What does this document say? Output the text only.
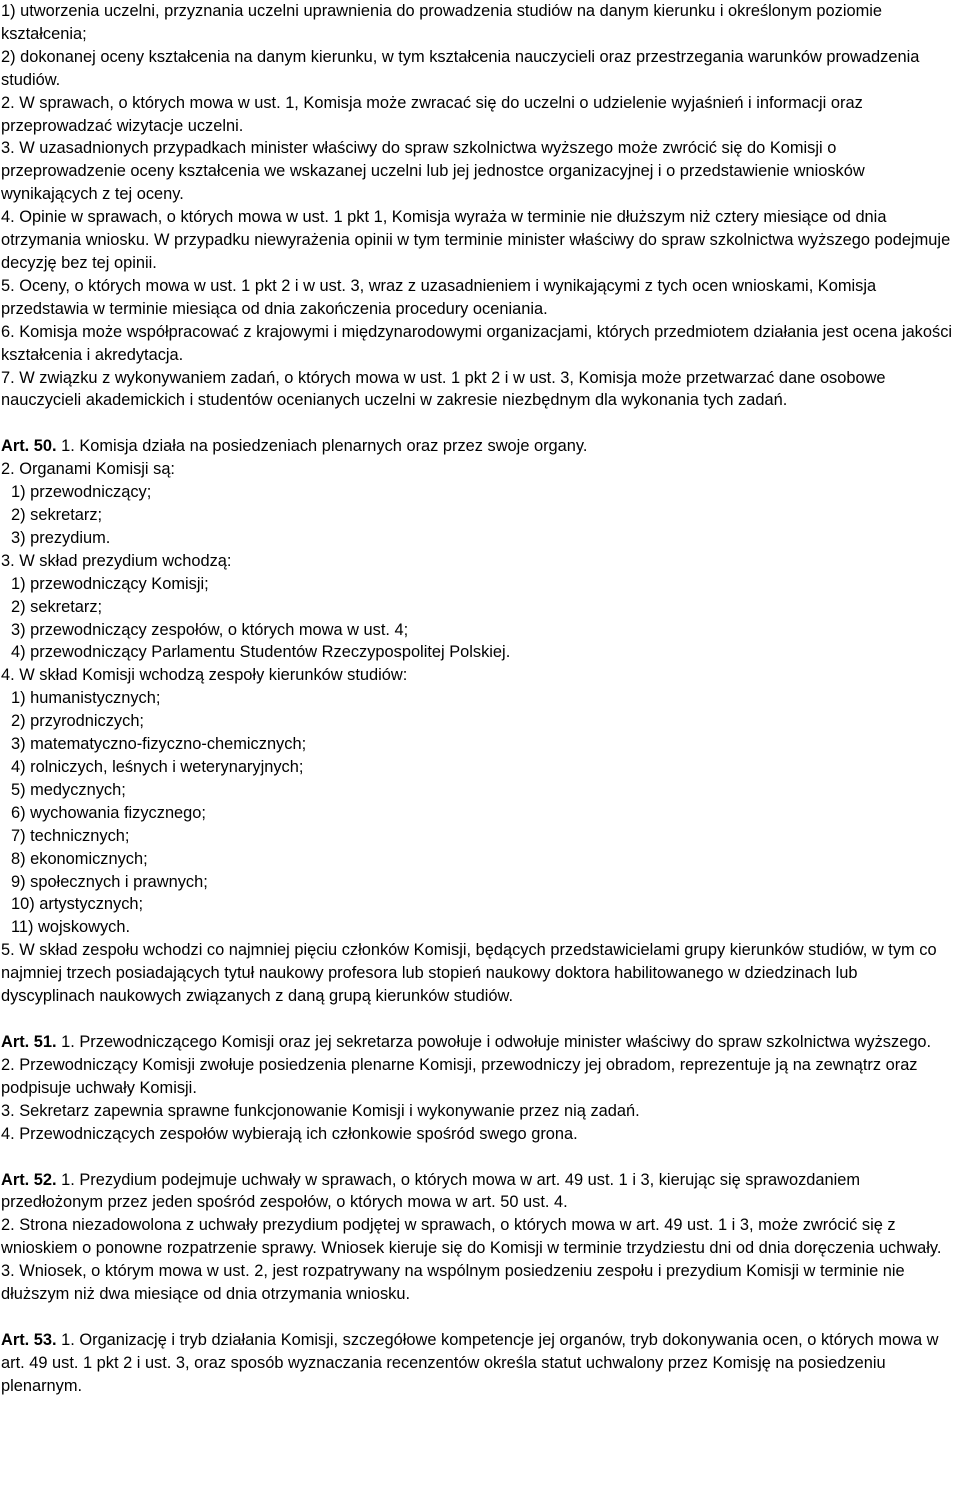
1) utworzenia uczelni, przyznania uczelni uprawnienia do prowadzenia studiów na danym kierunku i określonym poziomie kształcenia;

2) dokonanej oceny kształcenia na danym kierunku, w tym kształcenia nauczycieli oraz przestrzegania warunków prowadzenia studiów.

2. W sprawach, o których mowa w ust. 1, Komisja może zwracać się do uczelni o udzielenie wyjaśnień i informacji oraz przeprowadzać wizytacje uczelni.

3. W uzasadnionych przypadkach minister właściwy do spraw szkolnictwa wyższego może zwrócić się do Komisji o przeprowadzenie oceny kształcenia we wskazanej uczelni lub jej jednostce organizacyjnej i o przedstawienie wniosków wynikających z tej oceny.

4. Opinie w sprawach, o których mowa w ust. 1 pkt 1, Komisja wyraża w terminie nie dłuższym niż cztery miesiące od dnia otrzymania wniosku. W przypadku niewyrażenia opinii w tym terminie minister właściwy do spraw szkolnictwa wyższego podejmuje decyzję bez tej opinii.

5. Oceny, o których mowa w ust. 1 pkt 2 i w ust. 3, wraz z uzasadnieniem i wynikającymi z tych ocen wnioskami, Komisja przedstawia w terminie miesiąca od dnia zakończenia procedury oceniania.

6. Komisja może współpracować z krajowymi i międzynarodowymi organizacjami, których przedmiotem działania jest ocena jakości kształcenia i akredytacja.

7. W związku z wykonywaniem zadań, o których mowa w ust. 1 pkt 2 i w ust. 3, Komisja może przetwarzać dane osobowe nauczycieli akademickich i studentów ocenianych uczelni w zakresie niezbędnym dla wykonania tych zadań.

Art. 50. 1. Komisja działa na posiedzeniach plenarnych oraz przez swoje organy.

2. Organami Komisji są:

1) przewodniczący;

2) sekretarz;

3) prezydium.

3. W skład prezydium wchodzą:

1) przewodniczący Komisji;

2) sekretarz;

3) przewodniczący zespołów, o których mowa w ust. 4;

4) przewodniczący Parlamentu Studentów Rzeczypospolitej Polskiej.

4. W skład Komisji wchodzą zespoły kierunków studiów:

1) humanistycznych;

2) przyrodniczych;

3) matematyczno-fizyczno-chemicznych;

4) rolniczych, leśnych i weterynaryjnych;

5) medycznych;

6) wychowania fizycznego;

7) technicznych;

8) ekonomicznych;

9) społecznych i prawnych;

10) artystycznych;

11) wojskowych.

5. W skład zespołu wchodzi co najmniej pięciu członków Komisji, będących przedstawicielami grupy kierunków studiów, w tym co najmniej trzech posiadających tytuł naukowy profesora lub stopień naukowy doktora habilitowanego w dziedzinach lub dyscyplinach naukowych związanych z daną grupą kierunków studiów.

Art. 51. 1. Przewodniczącego Komisji oraz jej sekretarza powołuje i odwołuje minister właściwy do spraw szkolnictwa wyższego.

2. Przewodniczący Komisji zwołuje posiedzenia plenarne Komisji, przewodniczy jej obradom, reprezentuje ją na zewnątrz oraz podpisuje uchwały Komisji.

3. Sekretarz zapewnia sprawne funkcjonowanie Komisji i wykonywanie przez nią zadań.

4. Przewodniczących zespołów wybierają ich członkowie spośród swego grona.

Art. 52. 1. Prezydium podejmuje uchwały w sprawach, o których mowa w art. 49 ust. 1 i 3, kierując się sprawozdaniem przedłożonym przez jeden spośród zespołów, o których mowa w art. 50 ust. 4.

2. Strona niezadowolona z uchwały prezydium podjętej w sprawach, o których mowa w art. 49 ust. 1 i 3, może zwrócić się z wnioskiem o ponowne rozpatrzenie sprawy. Wniosek kieruje się do Komisji w terminie trzydziestu dni od dnia doręczenia uchwały.

3. Wniosek, o którym mowa w ust. 2, jest rozpatrywany na wspólnym posiedzeniu zespołu i prezydium Komisji w terminie nie dłuższym niż dwa miesiące od dnia otrzymania wniosku.

Art. 53. 1. Organizację i tryb działania Komisji, szczegółowe kompetencje jej organów, tryb dokonywania ocen, o których mowa w art. 49 ust. 1 pkt 2 i ust. 3, oraz sposób wyznaczania recenzentów określa statut uchwalony przez Komisję na posiedzeniu plenarnym.
